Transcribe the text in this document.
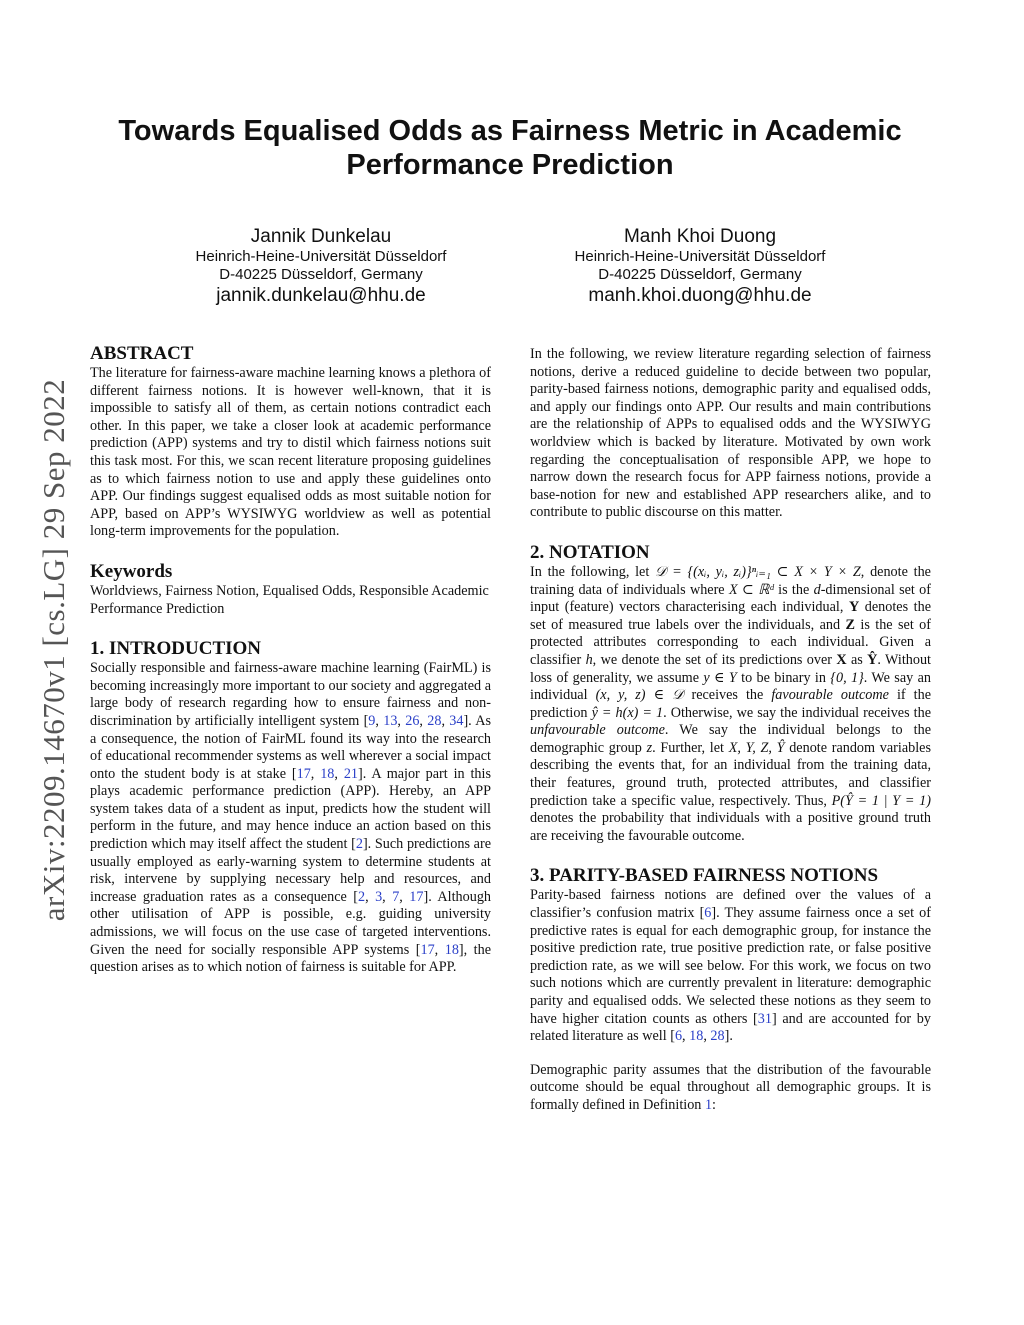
arXiv:2209.14670v1 [cs.LG] 29 Sep 2022
Towards Equalised Odds as Fairness Metric in Academic Performance Prediction
Jannik Dunkelau
Heinrich-Heine-Universität Düsseldorf
D-40225 Düsseldorf, Germany
jannik.dunkelau@hhu.de
Manh Khoi Duong
Heinrich-Heine-Universität Düsseldorf
D-40225 Düsseldorf, Germany
manh.khoi.duong@hhu.de
ABSTRACT

The literature for fairness-aware machine learning knows a plethora of different fairness notions. It is however well-known, that it is impossible to satisfy all of them, as certain notions contradict each other. In this paper, we take a closer look at academic performance prediction (APP) systems and try to distil which fairness notions suit this task most. For this, we scan recent literature proposing guidelines as to which fairness notion to use and apply these guidelines onto APP. Our findings suggest equalised odds as most suitable notion for APP, based on APP’s WYSIWYG worldview as well as potential long-term improvements for the population.

Keywords

Worldviews, Fairness Notion, Equalised Odds, Responsible Academic Performance Prediction

1. INTRODUCTION

Socially responsible and fairness-aware machine learning (FairML) is becoming increasingly more important to our society and aggregated a large body of research regarding how to ensure fairness and non-discrimination by artificially intelligent system [9, 13, 26, 28, 34]. As a consequence, the notion of FairML found its way into the research of educational recommender systems as well wherever a social impact onto the student body is at stake [17, 18, 21]. A major part in this plays academic performance prediction (APP). Hereby, an APP system takes data of a student as input, predicts how the student will perform in the future, and may hence induce an action based on this prediction which may itself affect the student [2]. Such predictions are usually employed as early-warning system to determine students at risk, intervene by supplying necessary help and resources, and increase graduation rates as a consequence [2, 3, 7, 17]. Although other utilisation of APP is possible, e.g. guiding university admissions, we will focus on the use case of targeted interventions. Given the need for socially responsible APP systems [17, 18], the question arises as to which notion of fairness is suitable for APP.

In the following, we review literature regarding selection of fairness notions, derive a reduced guideline to decide between two popular, parity-based fairness notions, demographic parity and equalised odds, and apply our findings onto APP. Our results and main contributions are the relationship of APPs to equalised odds and the WYSIWYG worldview which is backed by literature. Motivated by own work regarding the conceptualisation of responsible APP, we hope to narrow down the research focus for APP fairness notions, provide a base-notion for new and established APP researchers alike, and to contribute to public discourse on this matter.

2. NOTATION

In the following, let 𝒟 = {(xᵢ, yᵢ, zᵢ)}ⁿᵢ₌₁ ⊂ X × Y × Z, denote the training data of individuals where X ⊂ ℝᵈ is the d-dimensional set of input (feature) vectors characterising each individual, Y denotes the set of measured true labels over the individuals, and Z is the set of protected attributes corresponding to each individual. Given a classifier h, we denote the set of its predictions over X as Ŷ. Without loss of generality, we assume y ∈ Y to be binary in {0, 1}. We say an individual (x, y, z) ∈ 𝒟 receives the favourable outcome if the prediction ŷ = h(x) = 1. Otherwise, we say the individual receives the unfavourable outcome. We say the individual belongs to the demographic group z. Further, let X, Y, Z, Ŷ denote random variables describing the events that, for an individual from the training data, their features, ground truth, protected attributes, and classifier prediction take a specific value, respectively. Thus, P(Ŷ = 1 | Y = 1) denotes the probability that individuals with a positive ground truth are receiving the favourable outcome.

3. PARITY-BASED FAIRNESS NOTIONS

Parity-based fairness notions are defined over the values of a classifier’s confusion matrix [6]. They assume fairness once a set of predictive rates is equal for each demographic group, for instance the positive prediction rate, true positive prediction rate, or false positive prediction rate, as we will see below. For this work, we focus on two such notions which are currently prevalent in literature: demographic parity and equalised odds. We selected these notions as they seem to have higher citation counts as others [31] and are accounted for by related literature as well [6, 18, 28].

Demographic parity assumes that the distribution of the favourable outcome should be equal throughout all demographic groups. It is formally defined in Definition 1:
